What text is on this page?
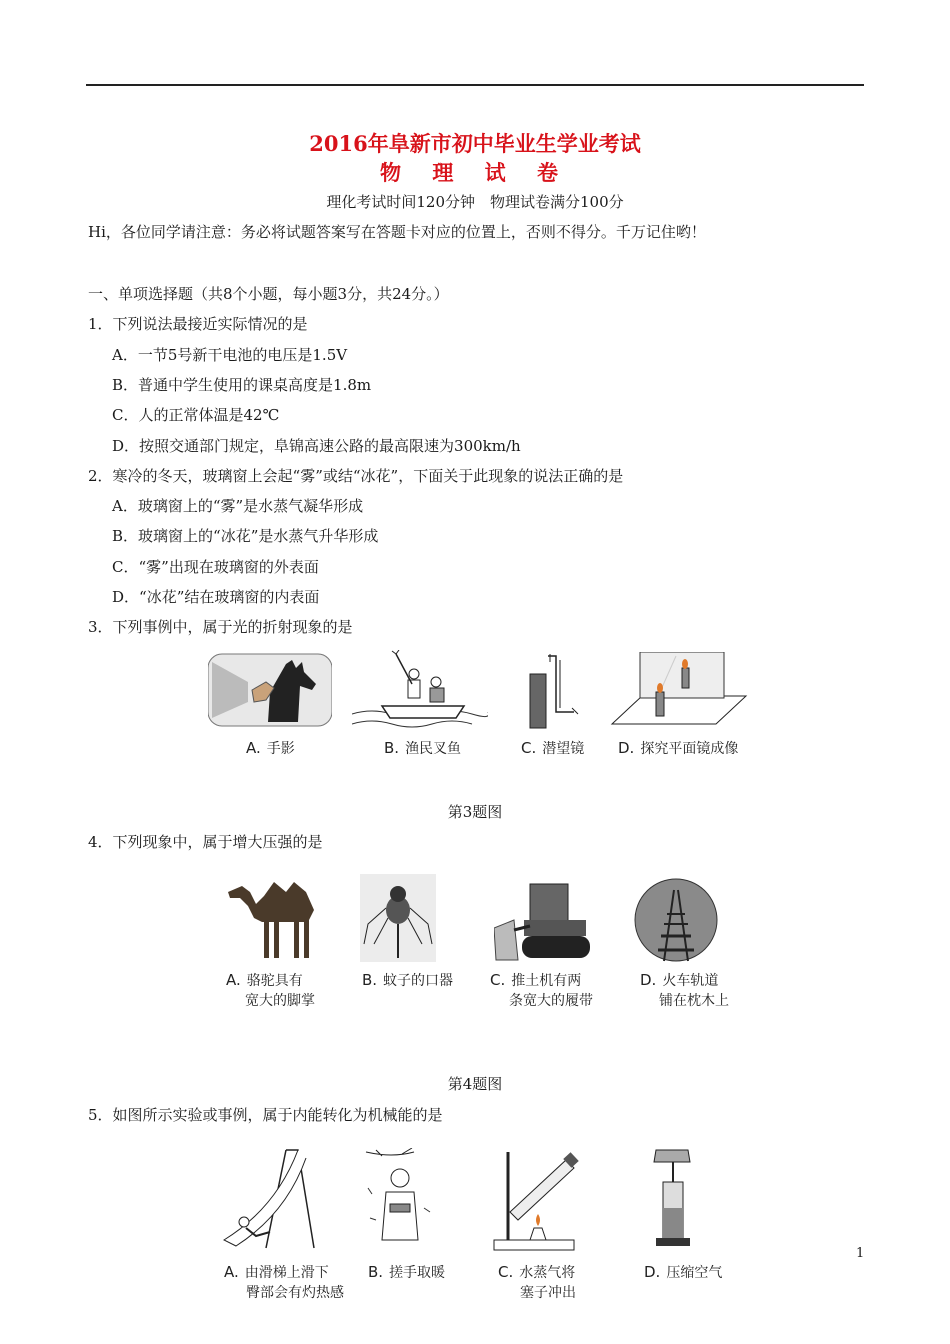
2016年阜新市初中毕业生学业考试
物 理 试 卷
理化考试时间120分钟　物理试卷满分100分
Hi，各位同学请注意：务必将试题答案写在答题卡对应的位置上，否则不得分。千万记住哟！
一、单项选择题（共8个小题，每小题3分，共24分。）
1．下列说法最接近实际情况的是
A．一节5号新干电池的电压是1.5V
B．普通中学生使用的课桌高度是1.8m
C．人的正常体温是42℃
D．按照交通部门规定，阜锦高速公路的最高限速为300km/h
2．寒冷的冬天，玻璃窗上会起“雾”或结“冰花”，下面关于此现象的说法正确的是
A．玻璃窗上的“雾”是水蒸气凝华形成
B．玻璃窗上的“冰花”是水蒸气升华形成
C．“雾”出现在玻璃窗的外表面
D．“冰花”结在玻璃窗的内表面
3．下列事例中，属于光的折射现象的是
A. 手影	B. 渔民叉鱼	C. 潜望镜 D. 探究平面镜成像
第3题图
4．下列现象中，属于增大压强的是
A. 骆驼具有
宽大的脚掌
B. 蚊子的口器 C. 推土机有两
条宽大的履带
D. 火车轨道
铺在枕木上
第4题图
5．如图所示实验或事例，属于内能转化为机械能的是
A. 由滑梯上滑下
臀部会有灼热感
B. 搓手取暖	C. 水蒸气将
塞子冲出
D. 压缩空气
1
